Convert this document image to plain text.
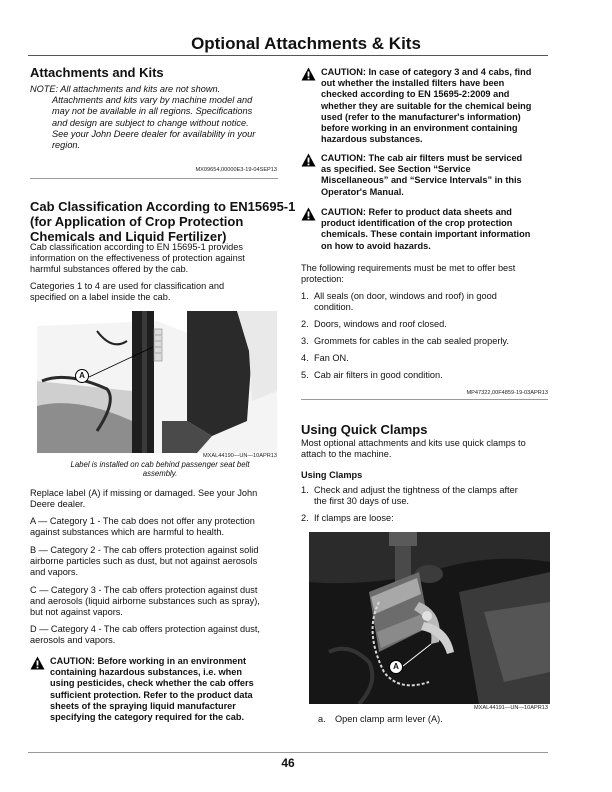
Optional Attachments & Kits
Attachments and Kits
NOTE: All attachments and kits are not shown.
Attachments and kits vary by machine model and
may not be available in all regions. Specifications
and design are subject to change without notice.
See your John Deere dealer for availability in your
region.
MX09654,00000E3-19-04SEP13
Cab Classification According to EN15695-1
(for Application of Crop Protection
Chemicals and Liquid Fertilizer)
Cab classification according to EN 15695-1 provides
information on the effectiveness of protection against
harmful substances offered by the cab.
Categories 1 to 4 are used for classification and
specified on a label inside the cab.
A
MXAL44190—UN—10APR13
Label is installed on cab behind passenger seat belt
assembly.
Replace label (A) if missing or damaged. See your John
Deere dealer.
A — Category 1 - The cab does not offer any protection
against substances which are harmful to health.
B — Category 2 - The cab offers protection against solid
airborne particles such as dust, but not against aerosols
and vapors.
C — Category 3 - The cab offers protection against dust
and aerosols (liquid airborne substances such as spray),
but not against vapors.
D — Category 4 - The cab offers protection against dust,
aerosols and vapors.
CAUTION: Before working in an environment
containing hazardous substances, i.e. when
using pesticides, check whether the cab offers
sufficient protection. Refer to the product data
sheets of the spraying liquid manufacturer
specifying the category required for the cab.
CAUTION: In case of category 3 and 4 cabs, find
out whether the installed filters have been
checked according to EN 15695-2:2009 and
whether they are suitable for the chemical being
used (refer to the manufacturer's information)
before working in an environment containing
hazardous substances.
CAUTION: The cab air filters must be serviced
as specified. See Section “Service
Miscellaneous” and “Service Intervals” in this
Operator's Manual.
CAUTION: Refer to product data sheets and
product identification of the crop protection
chemicals. These contain important information
on how to avoid hazards.
The following requirements must be met to offer best
protection:
1. All seals (on door, windows and roof) in good
condition.
2. Doors, windows and roof closed.
3. Grommets for cables in the cab sealed properly.
4. Fan ON.
5. Cab air filters in good condition.
MP47322,00F4859-19-03APR13
Using Quick Clamps
Most optional attachments and kits use quick clamps to
attach to the machine.
Using Clamps
1. Check and adjust the tightness of the clamps after
the first 30 days of use.
2. If clamps are loose:
A
MXAL44191—UN—10APR13
a. Open clamp arm lever (A).
46
